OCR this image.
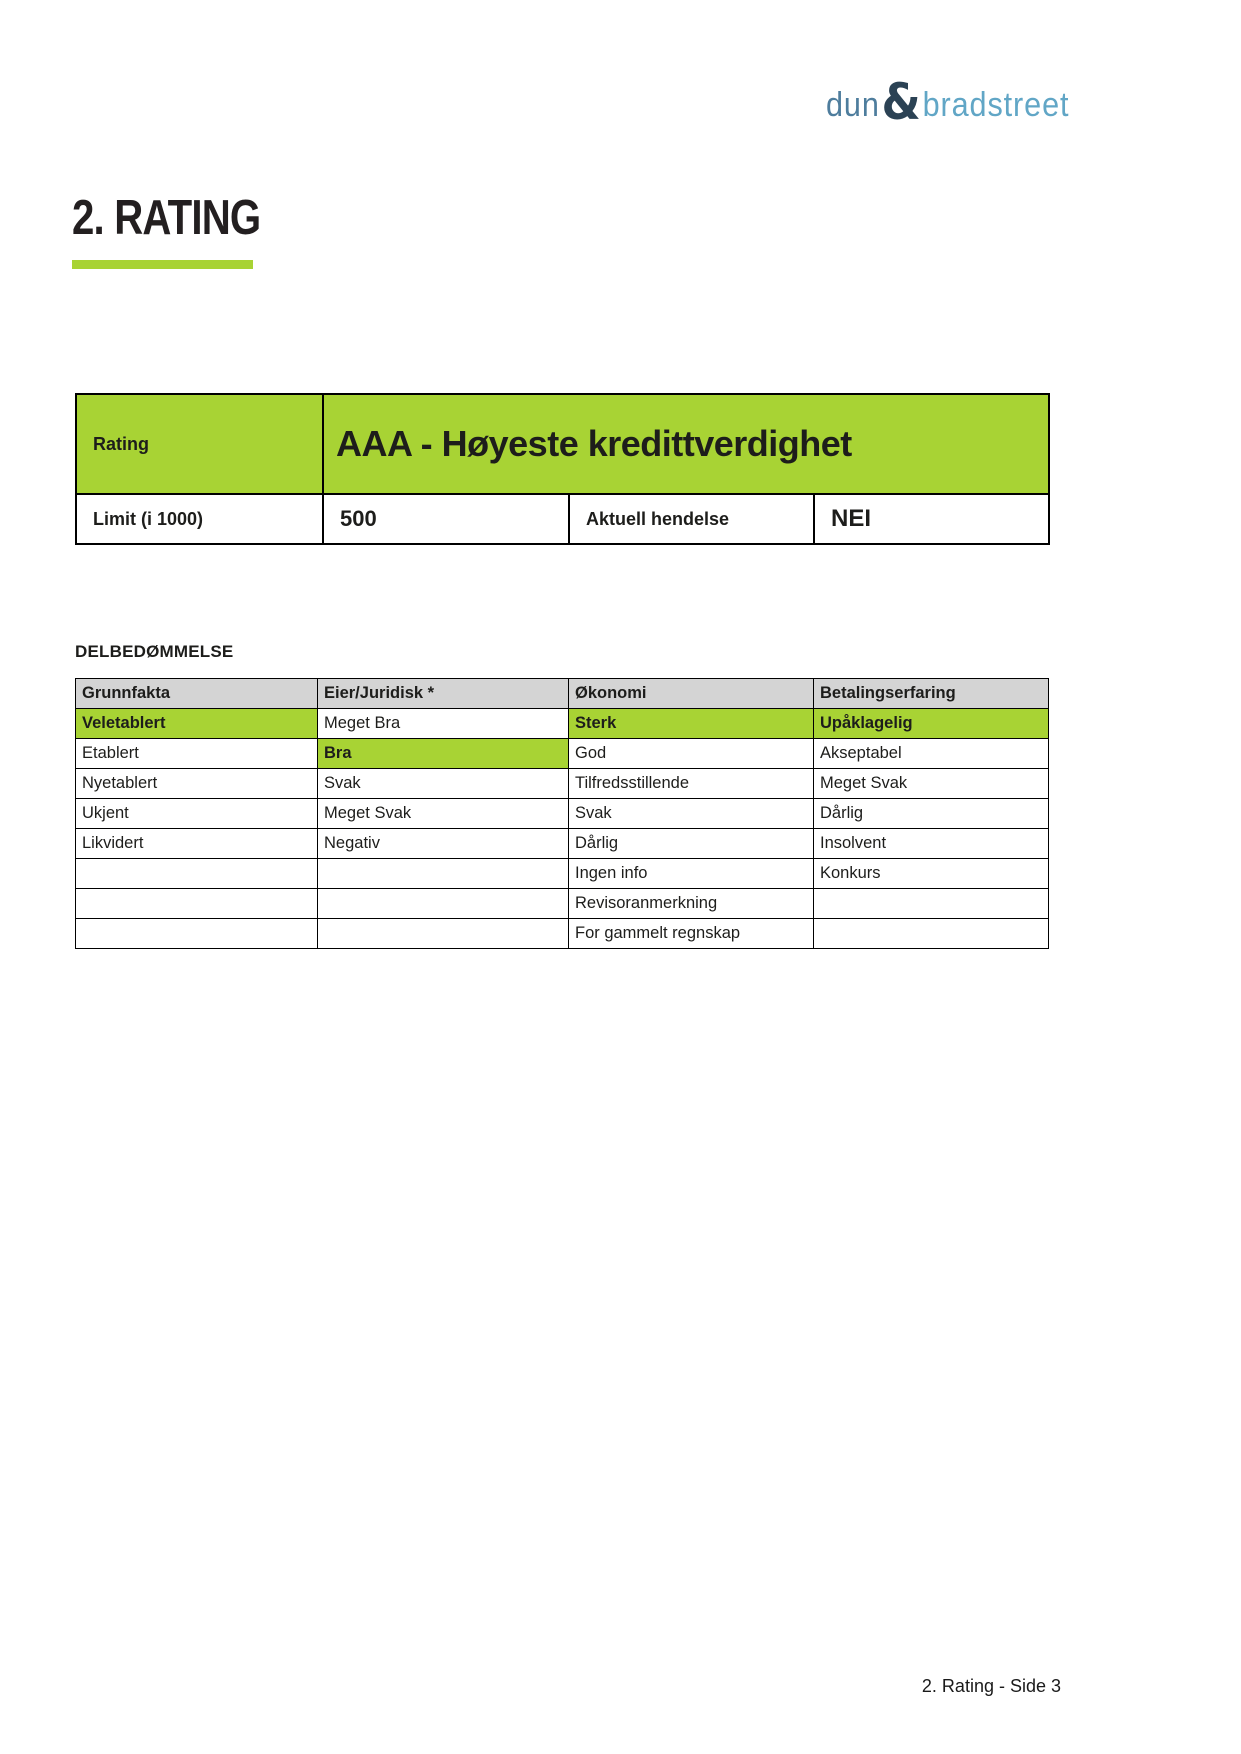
dun & bradstreet
2. RATING
Rating	AAA - Høyeste kredittverdighet		
Limit (i 1000)	500	Aktuell hendelse	NEI
DELBEDØMMELSE
Grunnfakta	Eier/Juridisk *	Økonomi	Betalingserfaring
Veletablert	Meget Bra	Sterk	Upåklagelig
Etablert	Bra	God	Akseptabel
Nyetablert	Svak	Tilfredsstillende	Meget Svak
Ukjent	Meget Svak	Svak	Dårlig
Likvidert	Negativ	Dårlig	Insolvent
		Ingen info	Konkurs
		Revisoranmerkning	
		For gammelt regnskap	
2. Rating - Side 3
